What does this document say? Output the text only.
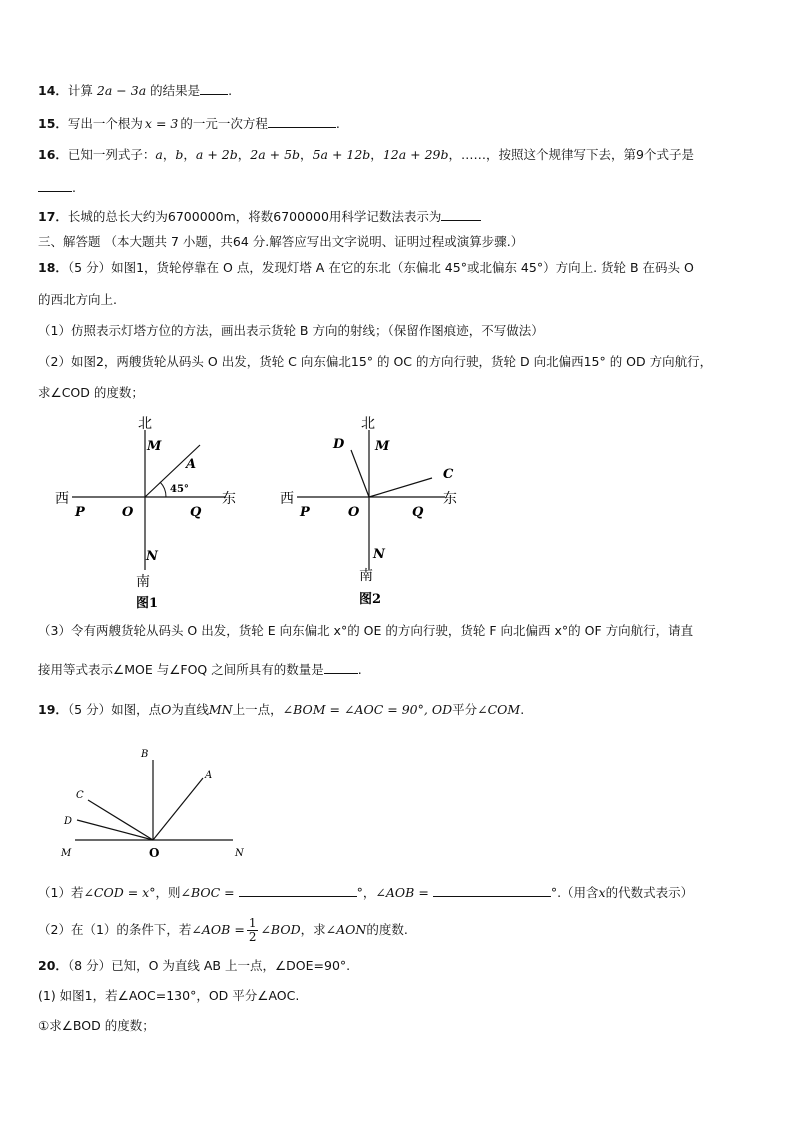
14．计算 2a − 3a 的结果是 .
15．写出一个根为 x = 3 的一元一次方程	.
16．已知一列式子：a，b，a + 2b，2a + 5b，5a + 12b，12a + 29b，……，按照这个规律写下去，第9个式子是
.
17．长城的总长大约为6700000m，将数6700000用科学记数法表示为
三、解答题 （本大题共 7 小题，共64 分.解答应写出文字说明、证明过程或演算步骤.）
18．（5 分）如图1，货轮停靠在 O 点，发现灯塔 A 在它的东北（东偏北 45°或北偏东 45°）方向上. 货轮 B 在码头 O
的西北方向上.
（1）仿照表示灯塔方位的方法，画出表示货轮 B 方向的射线；（保留作图痕迹，不写做法）
（2）如图2，两艘货轮从码头 O 出发，货轮 C 向东偏北15° 的 OC 的方向行驶，货轮 D 向北偏西15° 的 OD 方向航行，
求∠COD 的度数；
北
M
A
45°
西	东
P	O	Q
N
南
图1
北
D M
C
西	东
P	O	Q
N
南
图2
（3）令有两艘货轮从码头 O 出发，货轮 E 向东偏北 x°的 OE 的方向行驶，货轮 F 向北偏西 x°的 OF 方向航行，请直
接用等式表示∠MOE 与∠FOQ 之间所具有的数量是	.
19．（5 分）如图，点O为直线MN上一点，∠BOM = ∠AOC = 90°, OD平分∠COM.
B
A
C
D
M	O	N
（1）若∠COD = x°，则∠BOC =	°，∠AOB =	°.（用含x的代数式表示）
（2）在（1）的条件下，若∠AOB = $\frac{1}{2}$ ∠BOD，求∠AON的度数.
20．（8 分）已知，O 为直线 AB 上一点，∠DOE=90°.
(1) 如图1，若∠AOC=130°，OD 平分∠AOC.
①求∠BOD 的度数；
